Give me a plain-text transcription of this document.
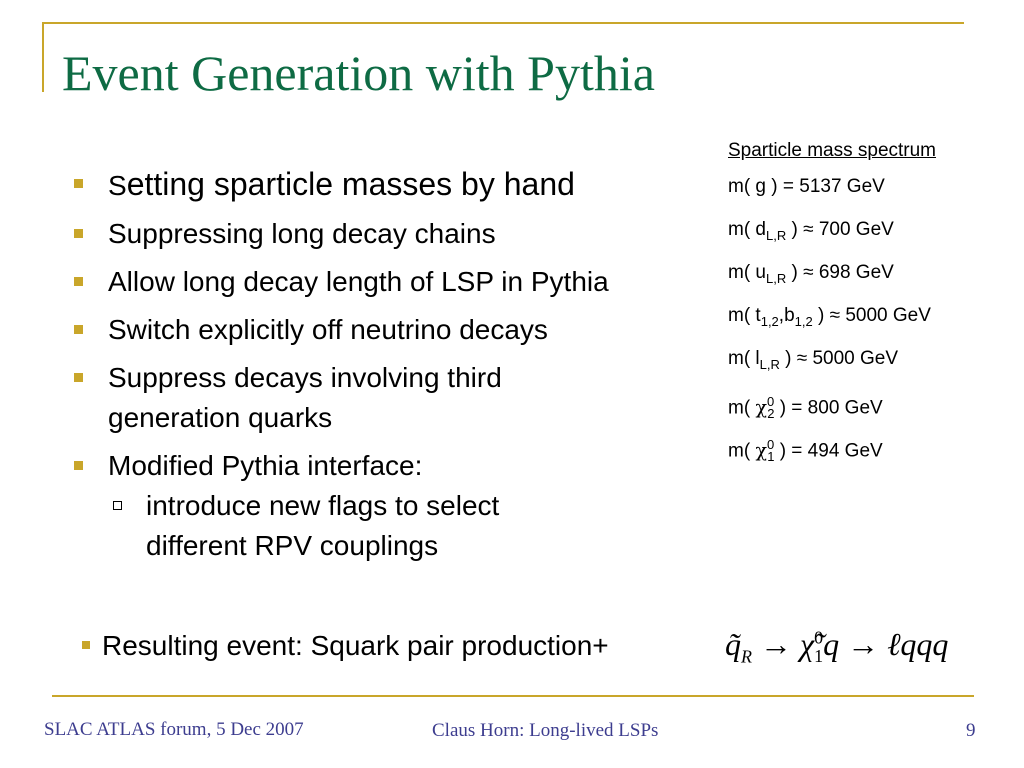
Event Generation with Pythia
Setting sparticle masses by hand
Suppressing long decay chains
Allow long decay length of LSP in Pythia
Switch explicitly off neutrino decays
Suppress decays involving third generation quarks
Modified Pythia interface:
introduce new flags to select different RPV couplings
Resulting event: Squark pair production+	$q̃_R$ → χ̃$^0_1$q → ℓqqq
Sparticle mass spectrum
m( g ) = 5137 GeV
m( $d_{L,R}$ ) ≈ 700 GeV
m( $u_{L,R}$ ) ≈ 698 GeV
m( $t_{1,2},b_{1,2}$ ) ≈ 5000 GeV
m( $l_{L,R}$ ) ≈ 5000 GeV
m( $\chi^0_2$ ) = 800 GeV
m( $\chi^0_1$ ) = 494 GeV
SLAC ATLAS forum, 5 Dec 2007	Claus Horn: Long-lived LSPs	9
